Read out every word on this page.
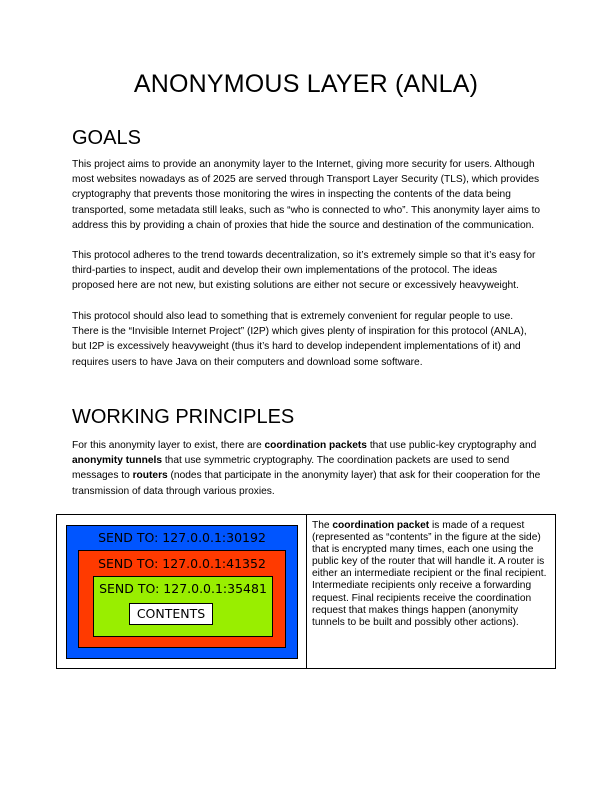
ANONYMOUS LAYER (ANLA)
GOALS

This project aims to provide an anonymity layer to the Internet, giving more security for users. Although most websites nowadays as of 2025 are served through Transport Layer Security (TLS), which provides cryptography that prevents those monitoring the wires in inspecting the contents of the data being transported, some metadata still leaks, such as “who is connected to who”. This anonymity layer aims to address this by providing a chain of proxies that hide the source and destination of the communication.

This protocol adheres to the trend towards decentralization, so it’s extremely simple so that it’s easy for third-parties to inspect, audit and develop their own implementations of the protocol. The ideas proposed here are not new, but existing solutions are either not secure or excessively heavyweight.

This protocol should also lead to something that is extremely convenient for regular people to use. There is the “Invisible Internet Project” (I2P) which gives plenty of inspiration for this protocol (ANLA), but I2P is excessively heavyweight (thus it’s hard to develop independent implementations of it) and requires users to have Java on their computers and download some software.

WORKING PRINCIPLES

For this anonymity layer to exist, there are coordination packets that use public-key cryptography and anonymity tunnels that use symmetric cryptography. The coordination packets are used to send messages to routers (nodes that participate in the anonymity layer) that ask for their cooperation for the transmission of data through various proxies.

SEND TO: 127.0.0.1:30192
SEND TO: 127.0.0.1:41352
SEND TO: 127.0.0.1:35481
CONTENTS

The coordination packet is made of a request (represented as “contents” in the figure at the side) that is encrypted many times, each one using the public key of the router that will handle it. A router is either an intermediate recipient or the final recipient. Intermediate recipients only receive a forwarding request. Final recipients receive the coordination request that makes things happen (anonymity tunnels to be built and possibly other actions).
